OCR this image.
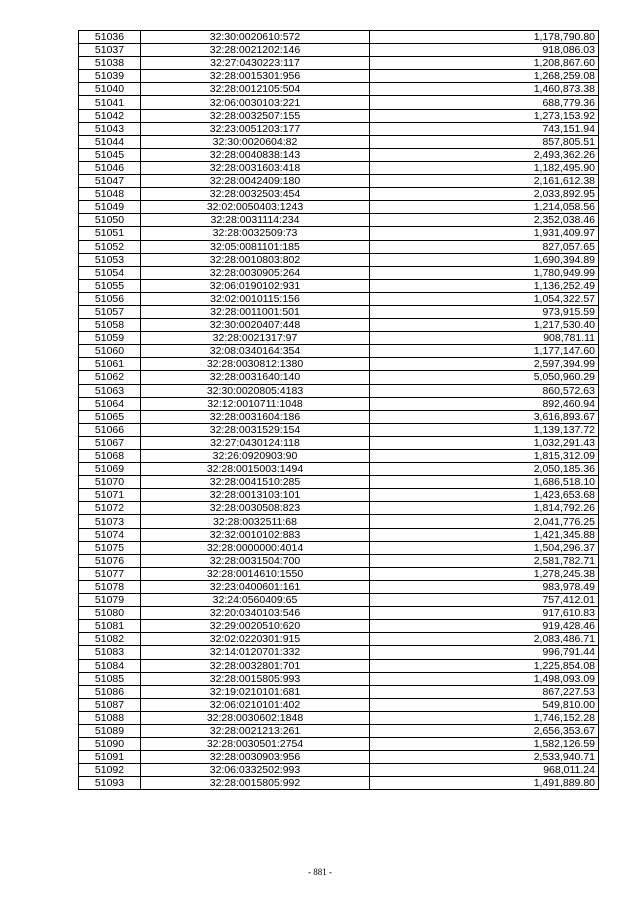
51036	32:30:0020610:572	1,178,790.80
51037	32:28:0021202:146	918,086.03
51038	32:27:0430223:117	1,208,867.60
51039	32:28:0015301:956	1,268,259.08
51040	32:28:0012105:504	1,460,873.38
51041	32:06:0030103:221	688,779.36
51042	32:28:0032507:155	1,273,153.92
51043	32:23:0051203:177	743,151.94
51044	32:30:0020604:82	857,805.51
51045	32:28:0040838:143	2,493,362.26
51046	32:28:0031603:418	1,182,495.90
51047	32:28:0042409:180	2,161,612.38
51048	32:28:0032503:454	2,033,892.95
51049	32:02:0050403:1243	1,214,058.56
51050	32:28:0031114:234	2,352,038.46
51051	32:28:0032509:73	1,931,409.97
51052	32:05:0081101:185	827,057.65
51053	32:28:0010803:802	1,690,394.89
51054	32:28:0030905:264	1,780,949.99
51055	32:06:0190102:931	1,136,252.49
51056	32:02:0010115:156	1,054,322.57
51057	32:28:0011001:501	973,915.59
51058	32:30:0020407:448	1,217,530.40
51059	32:28:0021317:97	908,781.11
51060	32:08:0340164:354	1,177,147.60
51061	32:28:0030812:1380	2,597,394.99
51062	32:28:0031640:140	5,050,960.29
51063	32:30:0020805:4183	860,572.63
51064	32:12:0010711:1048	892,460.94
51065	32:28:0031604:186	3,616,893.67
51066	32:28:0031529:154	1,139,137.72
51067	32:27:0430124:118	1,032,291.43
51068	32:26:0920903:90	1,815,312.09
51069	32:28:0015003:1494	2,050,185.36
51070	32:28:0041510:285	1,686,518.10
51071	32:28:0013103:101	1,423,653.68
51072	32:28:0030508:823	1,814,792.26
51073	32:28:0032511:68	2,041,776.25
51074	32:32:0010102:883	1,421,345.88
51075	32:28:0000000:4014	1,504,296.37
51076	32:28:0031504:700	2,581,782.71
51077	32:28:0014610:1550	1,278,245.38
51078	32:23:0400601:161	983,978.49
51079	32:24:0560409:65	757,412.01
51080	32:20:0340103:546	917,610.83
51081	32:29:0020510:620	919,428.46
51082	32:02:0220301:915	2,083,486.71
51083	32:14:0120701:332	996,791.44
51084	32:28:0032801:701	1,225,854.08
51085	32:28:0015805:993	1,498,093.09
51086	32:19:0210101:681	867,227.53
51087	32:06:0210101:402	549,810.00
51088	32:28:0030602:1848	1,746,152.28
51089	32:28:0021213:261	2,656,353.67
51090	32:28:0030501:2754	1,582,126.59
51091	32:28:0030903:956	2,533,940.71
51092	32:06:0332502:993	968,011.24
51093	32:28:0015805:992	1,491,889.80
- 881 -
